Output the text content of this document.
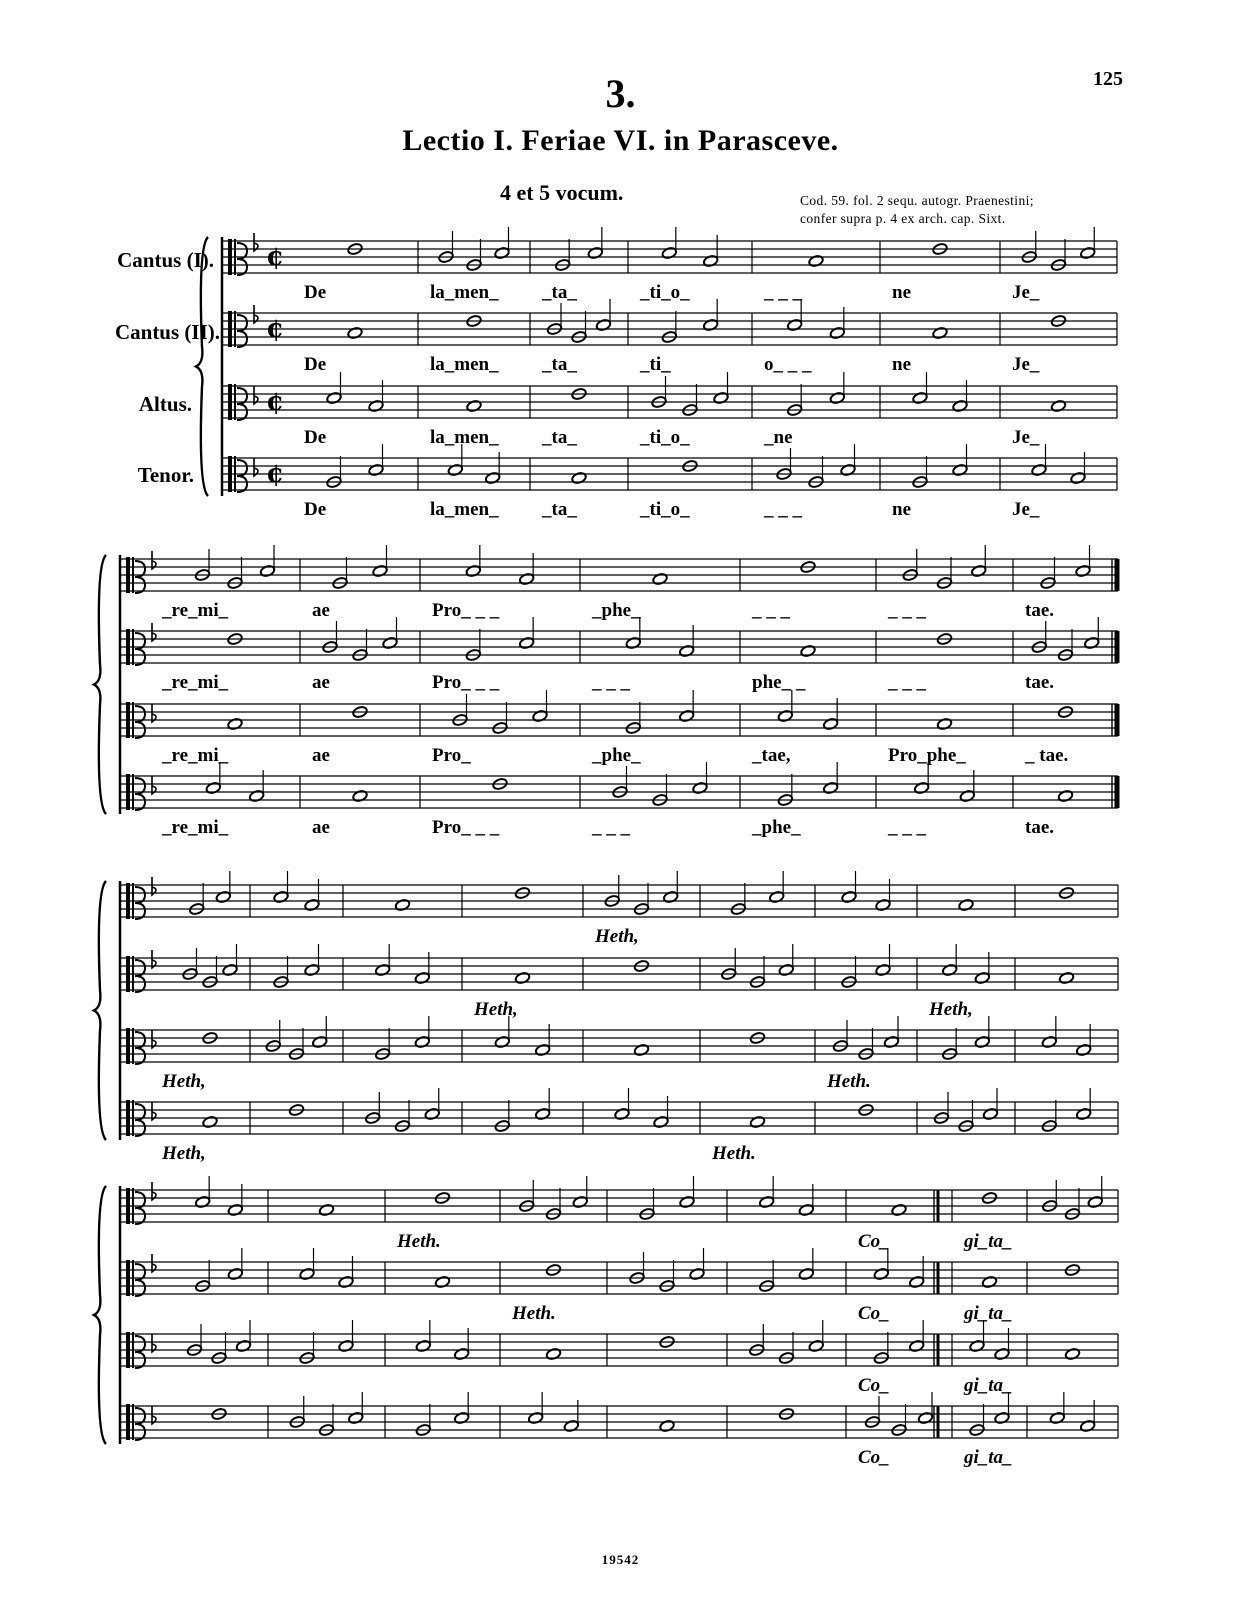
125
3.
Lectio I. Feriae VI. in Parasceve.
4 et 5 vocum.	Cod. 59. fol. 2 sequ. autogr. Praenestini;
confer supra p. 4 ex arch. cap. Sixt.
Cantus (I).
Cantus (II).
Altus.
Tenor.
¢
De	la_men_ _ta_	_ti_o_	_ _ _	ne	Je_
¢
De	la_men_ _ta_	_ti_	o_ _ _	ne	Je_
¢
De	la_men_ _ta_	_ti_o_	_ne	Je_
¢
De	la_men_ _ta_	_ti_o_	_ _ _	ne	Je_
_re_mi_	ae	Pro_ _ _	_phe_	_ _ _	_ _ _	tae.
_re_mi_	ae	Pro_ _ _	_ _ _	phe_ _	_ _ _	tae.
_re_mi_	ae	Pro_	_phe_	_tae,	Pro_phe_	_ tae.
_re_mi_	ae	Pro_ _ _	_ _ _	_phe_	_ _ _	tae.
Heth,
Heth,	Heth,
Heth,	Heth.
Heth,	Heth.
Heth.	Co_	gi_ta_
Heth.	Co_	gi_ta_
Co_	gi_ta_
Co_	gi_ta_
19542
